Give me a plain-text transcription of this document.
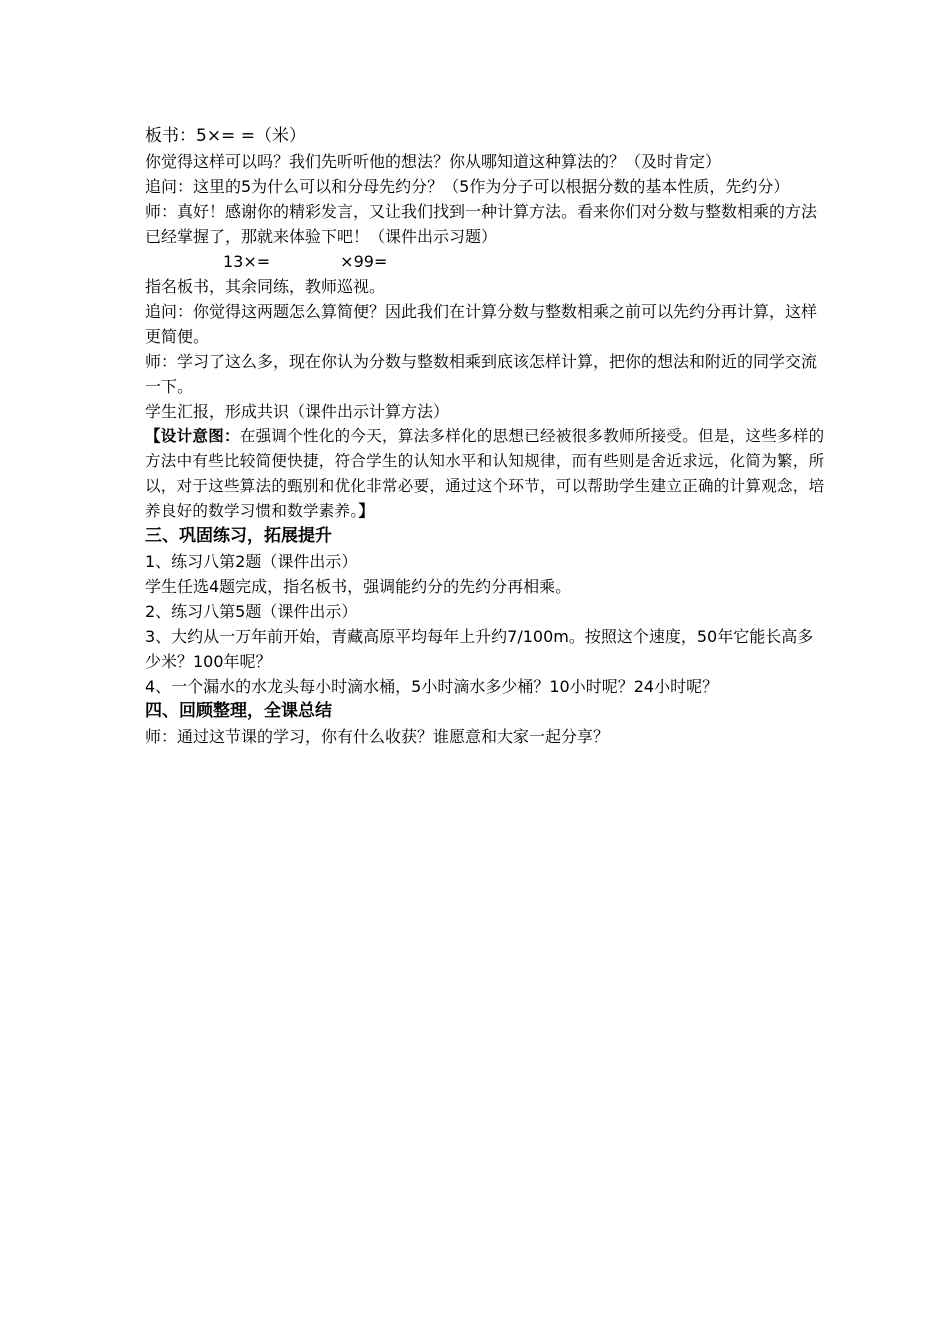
板书：5×= =（米）
你觉得这样可以吗？我们先听听他的想法？你从哪知道这种算法的？（及时肯定）
追问：这里的5为什么可以和分母先约分？（5作为分子可以根据分数的基本性质，先约分）
师：真好！感谢你的精彩发言，又让我们找到一种计算方法。看来你们对分数与整数相乘的方法已经掌握了，那就来体验下吧！（课件出示习题）
13×=	×99=
指名板书，其余同练，教师巡视。
追问：你觉得这两题怎么算简便？因此我们在计算分数与整数相乘之前可以先约分再计算，这样更简便。
师：学习了这么多，现在你认为分数与整数相乘到底该怎样计算，把你的想法和附近的同学交流一下。
学生汇报，形成共识（课件出示计算方法）
【设计意图：在强调个性化的今天，算法多样化的思想已经被很多教师所接受。但是，这些多样的方法中有些比较简便快捷，符合学生的认知水平和认知规律，而有些则是舍近求远，化简为繁，所以，对于这些算法的甄别和优化非常必要，通过这个环节，可以帮助学生建立正确的计算观念，培养良好的数学习惯和数学素养。】
三、巩固练习，拓展提升
1、练习八第2题（课件出示）
学生任选4题完成，指名板书，强调能约分的先约分再相乘。
2、练习八第5题（课件出示）
3、大约从一万年前开始，青藏高原平均每年上升约7/100m。按照这个速度，50年它能长高多少米？100年呢？
4、一个漏水的水龙头每小时滴水桶，5小时滴水多少桶？10小时呢？24小时呢？
四、回顾整理，全课总结
师：通过这节课的学习，你有什么收获？谁愿意和大家一起分享？
